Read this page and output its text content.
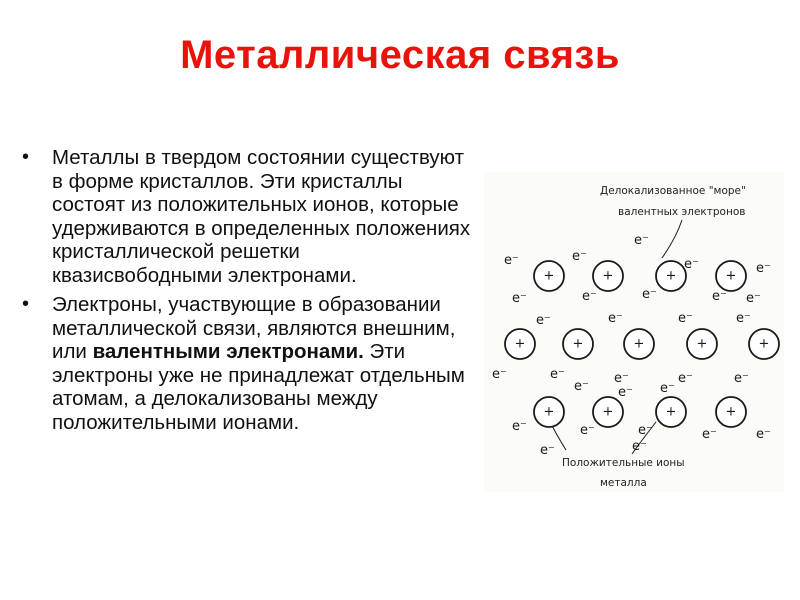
Металлическая связь
• Металлы в твердом состоянии существуют в форме кристаллов. Эти кристаллы состоят из положительных ионов, которые удерживаются в определенных положениях кристаллической решетки квазисвободными электронами.
• Электроны, участвующие в образовании металлической связи, являются внешним, или валентными электронами. Эти электроны уже не принадлежат отдельным атомам, а делокализованы между положительными ионами.
Делокализованное "море"
валентных электронов
Положительные ионы
металла
+	+	+	+
+	+	+	+	+
+	+	+	+
e⁻
e⁻	e⁻
e⁻	e⁻
e⁻	e⁻	e⁻	e⁻ e⁻
e⁻	e⁻	e⁻	e⁻
e⁻	e⁻	e⁻	e⁻	e⁻
e⁻ e⁻ e⁻
e⁻	e⁻	e⁻	e⁻	e⁻
e⁻	e⁻
